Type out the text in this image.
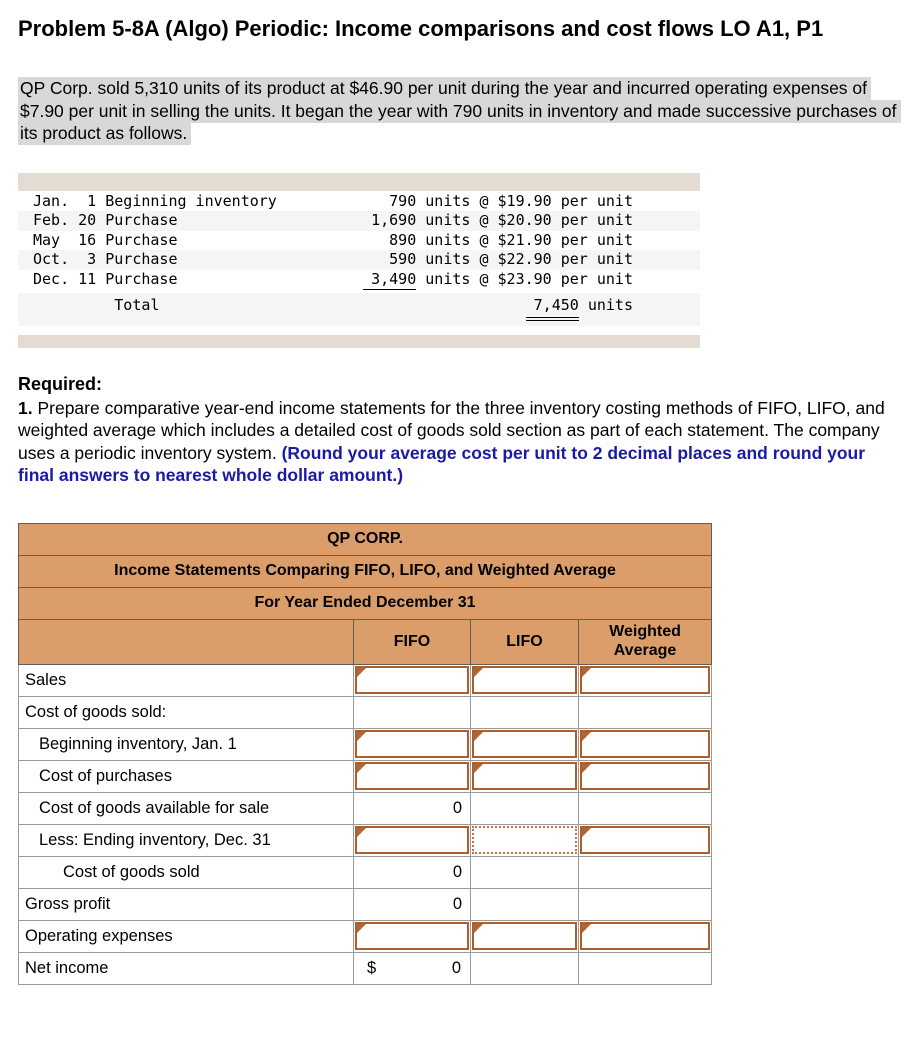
Problem 5-8A (Algo) Periodic: Income comparisons and cost flows LO A1, P1

QP Corp. sold 5,310 units of its product at $46.90 per unit during the year and incurred operating expenses of $7.90 per unit in selling the units. It began the year with 790 units in inventory and made successive purchases of its product as follows.

Jan.  1 Beginning inventory	790 units @ $19.90 per unit
Feb. 20 Purchase	1,690 units @ $20.90 per unit
May  16 Purchase	890 units @ $21.90 per unit
Oct.  3 Purchase	590 units @ $22.90 per unit
Dec. 11 Purchase	3,490 units @ $23.90 per unit
Total	7,450 units

Required:

1. Prepare comparative year-end income statements for the three inventory costing methods of FIFO, LIFO, and weighted average which includes a detailed cost of goods sold section as part of each statement. The company uses a periodic inventory system. (Round your average cost per unit to 2 decimal places and round your final answers to nearest whole dollar amount.)

QP CORP.			
Income Statements Comparing FIFO, LIFO, and Weighted Average			
For Year Ended December 31			
	FIFO	LIFO	Weighted Average
Sales	

Cost of goods sold:			
Beginning inventory, Jan. 1	

Cost of purchases	

Cost of goods available for sale	0		
Less: Ending inventory, Dec. 31	

Cost of goods sold	0		
Gross profit	0		
Operating expenses	

Net income	$ 0		
